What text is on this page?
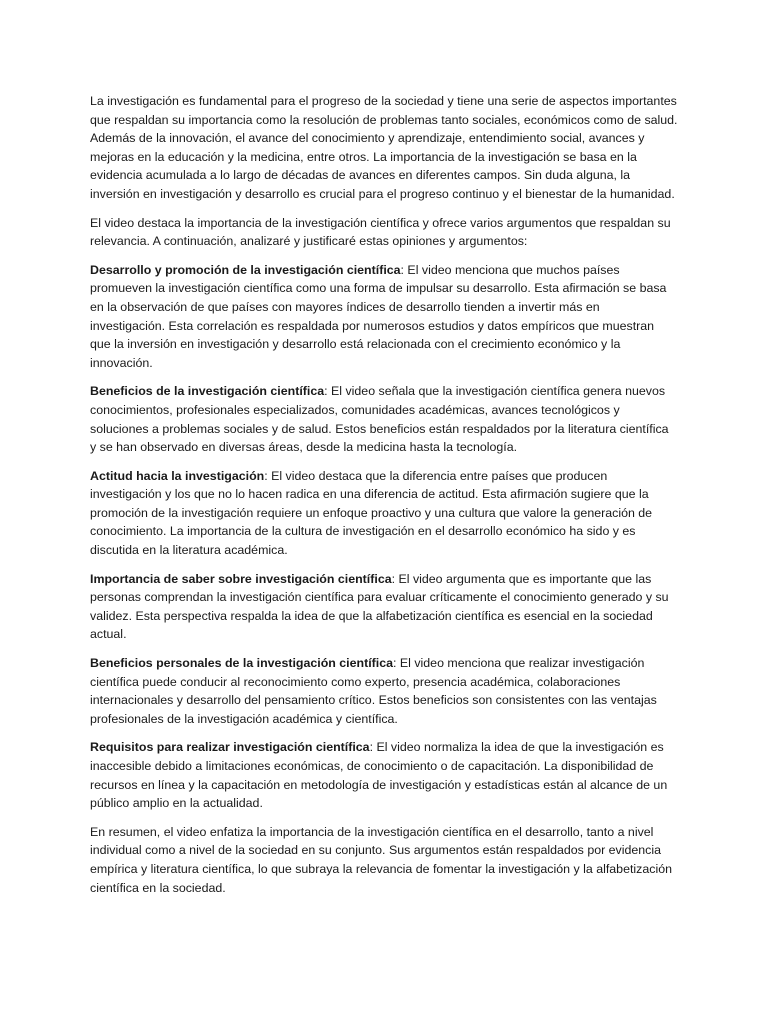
La investigación es fundamental para el progreso de la sociedad y tiene una serie de aspectos importantes que respaldan su importancia como la resolución de problemas tanto sociales, económicos como de salud. Además de la innovación, el avance del conocimiento y aprendizaje, entendimiento social, avances y mejoras en la educación y la medicina, entre otros. La importancia de la investigación se basa en la evidencia acumulada a lo largo de décadas de avances en diferentes campos. Sin duda alguna, la inversión en investigación y desarrollo es crucial para el progreso continuo y el bienestar de la humanidad.

El video destaca la importancia de la investigación científica y ofrece varios argumentos que respaldan su relevancia. A continuación, analizaré y justificaré estas opiniones y argumentos:

Desarrollo y promoción de la investigación científica: El video menciona que muchos países promueven la investigación científica como una forma de impulsar su desarrollo. Esta afirmación se basa en la observación de que países con mayores índices de desarrollo tienden a invertir más en investigación. Esta correlación es respaldada por numerosos estudios y datos empíricos que muestran que la inversión en investigación y desarrollo está relacionada con el crecimiento económico y la innovación.

Beneficios de la investigación científica: El video señala que la investigación científica genera nuevos conocimientos, profesionales especializados, comunidades académicas, avances tecnológicos y soluciones a problemas sociales y de salud. Estos beneficios están respaldados por la literatura científica y se han observado en diversas áreas, desde la medicina hasta la tecnología.

Actitud hacia la investigación: El video destaca que la diferencia entre países que producen investigación y los que no lo hacen radica en una diferencia de actitud. Esta afirmación sugiere que la promoción de la investigación requiere un enfoque proactivo y una cultura que valore la generación de conocimiento. La importancia de la cultura de investigación en el desarrollo económico ha sido y es discutida en la literatura académica.

Importancia de saber sobre investigación científica: El video argumenta que es importante que las personas comprendan la investigación científica para evaluar críticamente el conocimiento generado y su validez. Esta perspectiva respalda la idea de que la alfabetización científica es esencial en la sociedad actual.

Beneficios personales de la investigación científica: El video menciona que realizar investigación científica puede conducir al reconocimiento como experto, presencia académica, colaboraciones internacionales y desarrollo del pensamiento crítico. Estos beneficios son consistentes con las ventajas profesionales de la investigación académica y científica.

Requisitos para realizar investigación científica: El video normaliza la idea de que la investigación es inaccesible debido a limitaciones económicas, de conocimiento o de capacitación. La disponibilidad de recursos en línea y la capacitación en metodología de investigación y estadísticas están al alcance de un público amplio en la actualidad.

En resumen, el video enfatiza la importancia de la investigación científica en el desarrollo, tanto a nivel individual como a nivel de la sociedad en su conjunto. Sus argumentos están respaldados por evidencia empírica y literatura científica, lo que subraya la relevancia de fomentar la investigación y la alfabetización científica en la sociedad.
